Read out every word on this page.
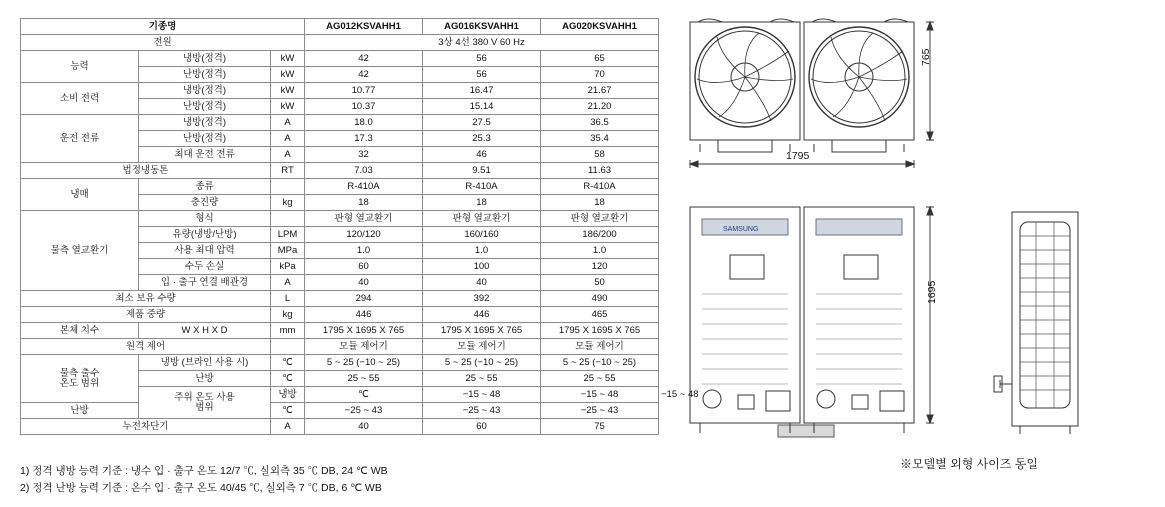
기종명			AG012KSVAHH1	AG016KSVAHH1	AG020KSVAHH1	
전원			3상 4선 380 V 60 Hz			
능력	냉방(정격)	kW	42	56	65	
	난방(정격)	kW	42	56	70	
소비 전력	냉방(정격)	kW	10.77	16.47	21.67	
	난방(정격)	kW	10.37	15.14	21.20	
운전 전류	냉방(정격)	A	18.0	27.5	36.5	
	난방(정격)	A	17.3	25.3	35.4	
	최대 운전 전류	A	32	46	58	
법정냉동톤		RT	7.03	9.51	11.63	
냉매	종류		R-410A	R-410A	R-410A	
	충진량	kg	18	18	18	
물측 열교환기	형식		판형 열교환기	판형 열교환기	판형 열교환기	
	유량(냉방/난방)	LPM	120/120	160/160	186/200	
	사용 최대 압력	MPa	1.0	1.0	1.0	
	수두 손실	kPa	60	100	120	
	입 · 출구 연결 배관경	A	40	40	50	
최소 보유 수량		L	294	392	490	
제품 중량		kg	446	446	465	
본체 치수	W X H X D	mm	1795 X 1695 X 765	1795 X 1695 X 765	1795 X 1695 X 765	
원격 제어			모듈 제어기	모듈 제어기	모듈 제어기	
물측 출수
온도 범위	냉방 (브라인 사용 시)	℃	5 ~ 25 (−10 ~ 25)	5 ~ 25 (−10 ~ 25)	5 ~ 25 (−10 ~ 25)	
	난방	℃	25 ~ 55	25 ~ 55	25 ~ 55	
	주위 온도 사용
범위	냉방	℃	−15 ~ 48	−15 ~ 48	−15 ~ 48
난방		℃	−25 ~ 43	−25 ~ 43	−25 ~ 43	
누전차단기		A	40	60	75	
1) 정격 냉방 능력 기준 : 냉수 입 · 출구 온도 12/7 ℃, 실외측 35 ℃ DB, 24 ℃ WB
2) 정격 난방 능력 기준 : 온수 입 · 출구 온도 40/45 ℃, 실외측 7 ℃ DB, 6 ℃ WB
1795
765
SAMSUNG
1695
※모델별 외형 사이즈 동일
